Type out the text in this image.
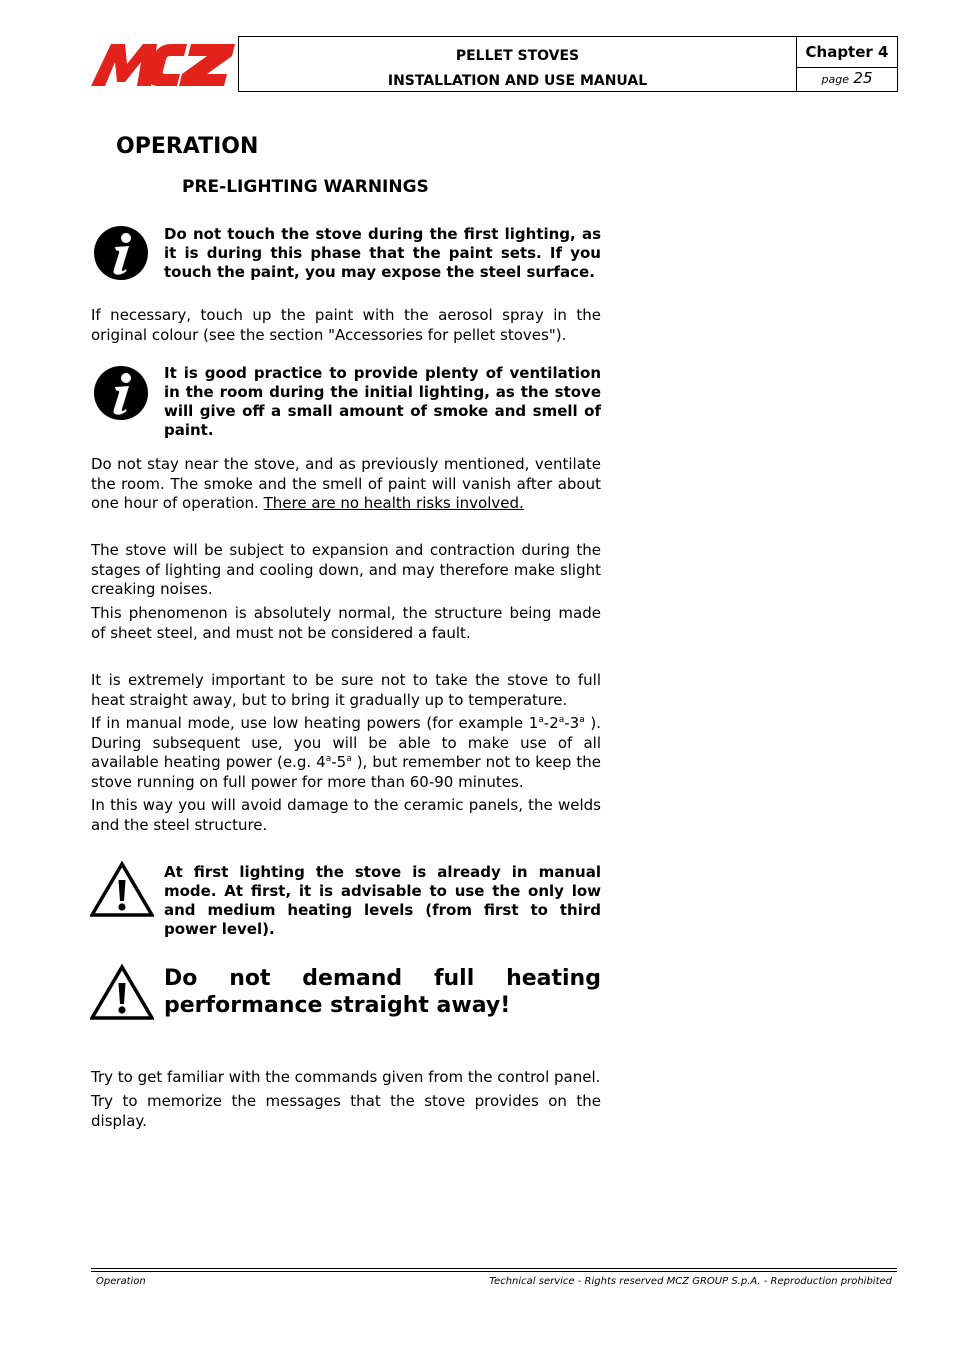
PELLET STOVES
INSTALLATION AND USE MANUAL
Chapter 4
page 25
OPERATION
PRE-LIGHTING WARNINGS
Do not touch the stove during the first lighting, as it is during this phase that the paint sets. If you touch the paint, you may expose the steel surface.
If necessary, touch up the paint with the aerosol spray in the original colour (see the section "Accessories for pellet stoves").
It is good practice to provide plenty of ventilation in the room during the initial lighting, as the stove will give off a small amount of smoke and smell of paint.
Do not stay near the stove, and as previously mentioned, ventilate the room. The smoke and the smell of paint will vanish after about one hour of operation. There are no health risks involved.
The stove will be subject to expansion and contraction during the stages of lighting and cooling down, and may therefore make slight creaking noises.
This phenomenon is absolutely normal, the structure being made of sheet steel, and must not be considered a fault.
It is extremely important to be sure not to take the stove to full heat straight away, but to bring it gradually up to temperature.
If in manual mode, use low heating powers (for example 1$^a$-2$^a$-3$^a$ ). During subsequent use, you will be able to make use of all available heating power (e.g. 4$^a$-5$^a$ ), but remember not to keep the stove running on full power for more than 60-90 minutes.
In this way you will avoid damage to the ceramic panels, the welds and the steel structure.
At first lighting the stove is already in manual mode. At first, it is advisable to use the only low and medium heating levels (from first to third power level).
Do not demand full heating
performance straight away!
Try to get familiar with the commands given from the control panel.
Try to memorize the messages that the stove provides on the display.
Operation	Technical service - Rights reserved MCZ GROUP S.p.A. - Reproduction prohibited
